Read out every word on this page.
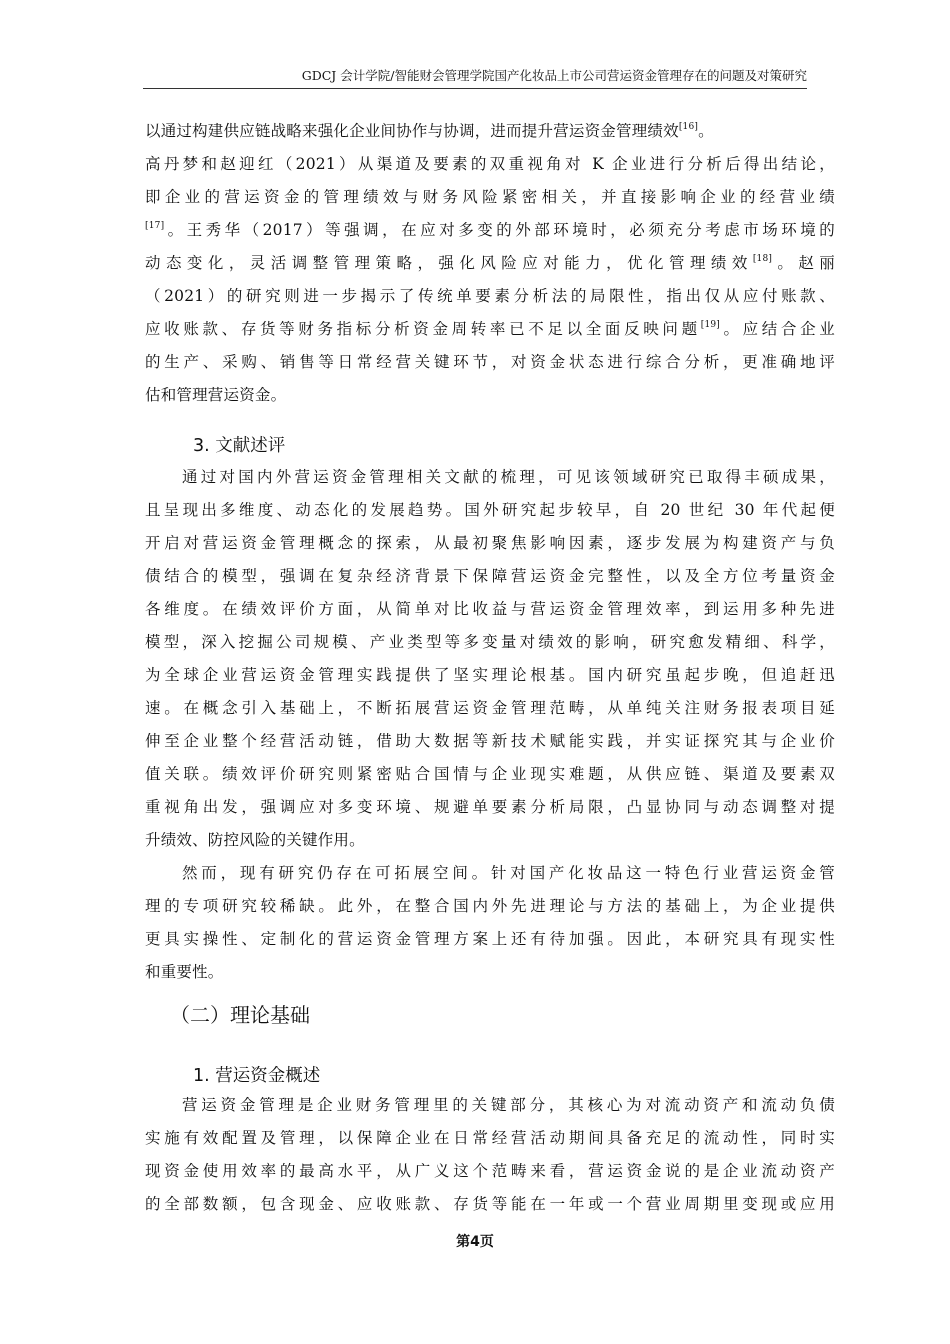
GDCJ 会计学院/智能财会管理学院国产化妆品上市公司营运资金管理存在的问题及对策研究
以通过构建供应链战略来强化企业间协作与协调，进而提升营运资金管理绩效[16]。
高丹梦和赵迎红（2021）从渠道及要素的双重视角对 K 企业进行分析后得出结论，
即企业的营运资金的管理绩效与财务风险紧密相关，并直接影响企业的经营业绩
[17]。王秀华（2017）等强调，在应对多变的外部环境时，必须充分考虑市场环境的
动态变化，灵活调整管理策略，强化风险应对能力，优化管理绩效[18]。赵丽
（2021）的研究则进一步揭示了传统单要素分析法的局限性，指出仅从应付账款、
应收账款、存货等财务指标分析资金周转率已不足以全面反映问题[19]。应结合企业
的生产、采购、销售等日常经营关键环节，对资金状态进行综合分析，更准确地评
估和管理营运资金。
3. 文献述评
通过对国内外营运资金管理相关文献的梳理，可见该领域研究已取得丰硕成果，
且呈现出多维度、动态化的发展趋势。国外研究起步较早，自 20 世纪 30 年代起便
开启对营运资金管理概念的探索，从最初聚焦影响因素，逐步发展为构建资产与负
债结合的模型，强调在复杂经济背景下保障营运资金完整性，以及全方位考量资金
各维度。在绩效评价方面，从简单对比收益与营运资金管理效率，到运用多种先进
模型，深入挖掘公司规模、产业类型等多变量对绩效的影响，研究愈发精细、科学，
为全球企业营运资金管理实践提供了坚实理论根基。国内研究虽起步晚，但追赶迅
速。在概念引入基础上，不断拓展营运资金管理范畴，从单纯关注财务报表项目延
伸至企业整个经营活动链，借助大数据等新技术赋能实践，并实证探究其与企业价
值关联。绩效评价研究则紧密贴合国情与企业现实难题，从供应链、渠道及要素双
重视角出发，强调应对多变环境、规避单要素分析局限，凸显协同与动态调整对提
升绩效、防控风险的关键作用。
然而，现有研究仍存在可拓展空间。针对国产化妆品这一特色行业营运资金管
理的专项研究较稀缺。此外，在整合国内外先进理论与方法的基础上，为企业提供
更具实操性、定制化的营运资金管理方案上还有待加强。因此，本研究具有现实性
和重要性。
（二）理论基础
1. 营运资金概述
营运资金管理是企业财务管理里的关键部分，其核心为对流动资产和流动负债
实施有效配置及管理，以保障企业在日常经营活动期间具备充足的流动性，同时实
现资金使用效率的最高水平，从广义这个范畴来看，营运资金说的是企业流动资产
的全部数额，包含现金、应收账款、存货等能在一年或一个营业周期里变现或应用
第4页
